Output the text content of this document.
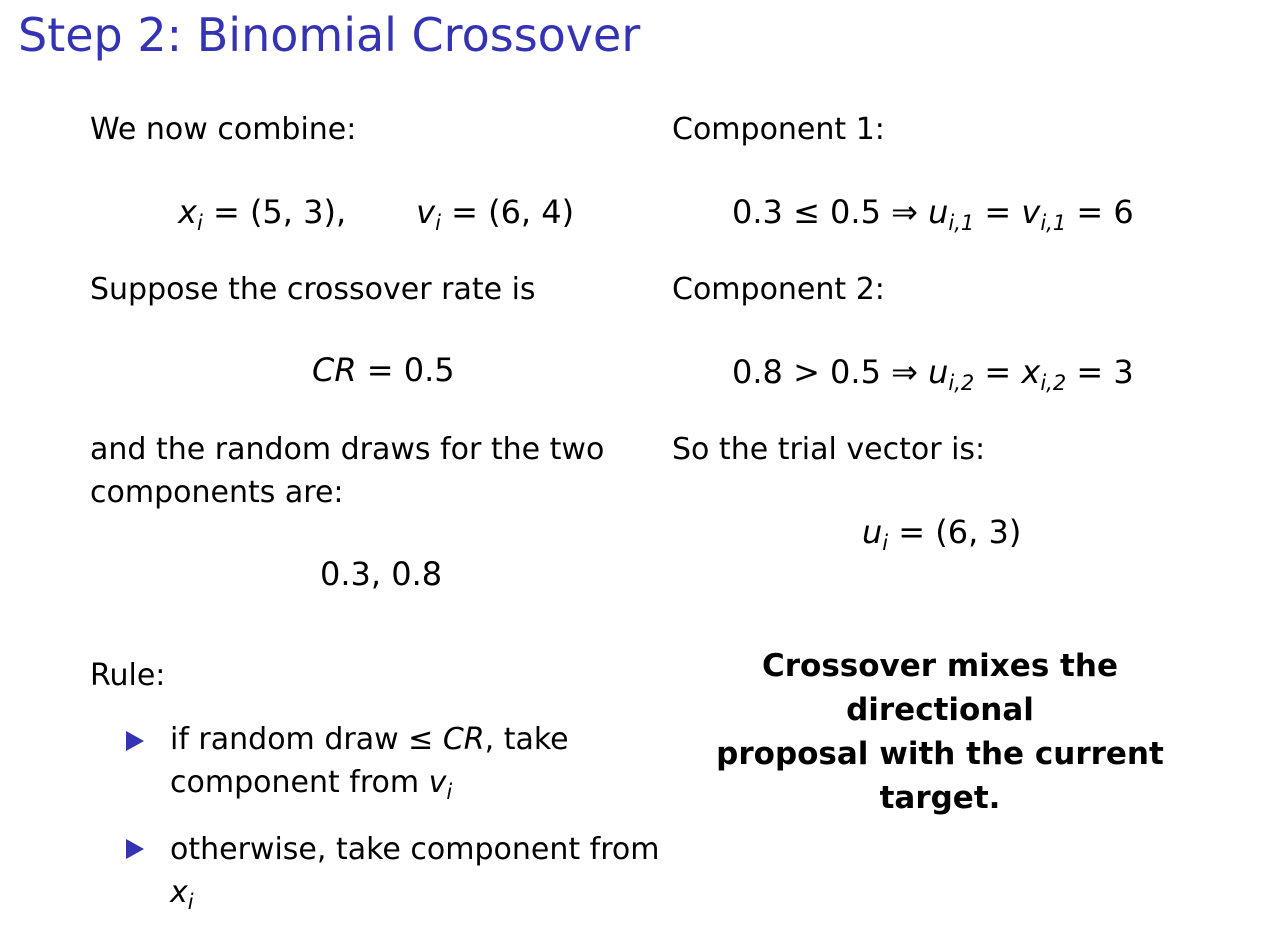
Step 2: Binomial Crossover
We now combine:
$x_i = (5$, 3), $v_i = (6$, 4)
Suppose the crossover rate is
CR = 0.5
and the random draws for the two
components are:
0.3, 0.8
Rule:
if random draw ≤ CR, take
component from $v_i$
otherwise, take component from
$x_i$
Component 1:
0.3 ≤ 0.5 ⇒ $u_{i,1} = v_{i,1} = 6$
Component 2:
0.8 > 0.5 ⇒ $u_{i,2} = x_{i,2} = 3$
So the trial vector is:
$u_i = (6$, 3)
Crossover mixes the directional
proposal with the current
target.
